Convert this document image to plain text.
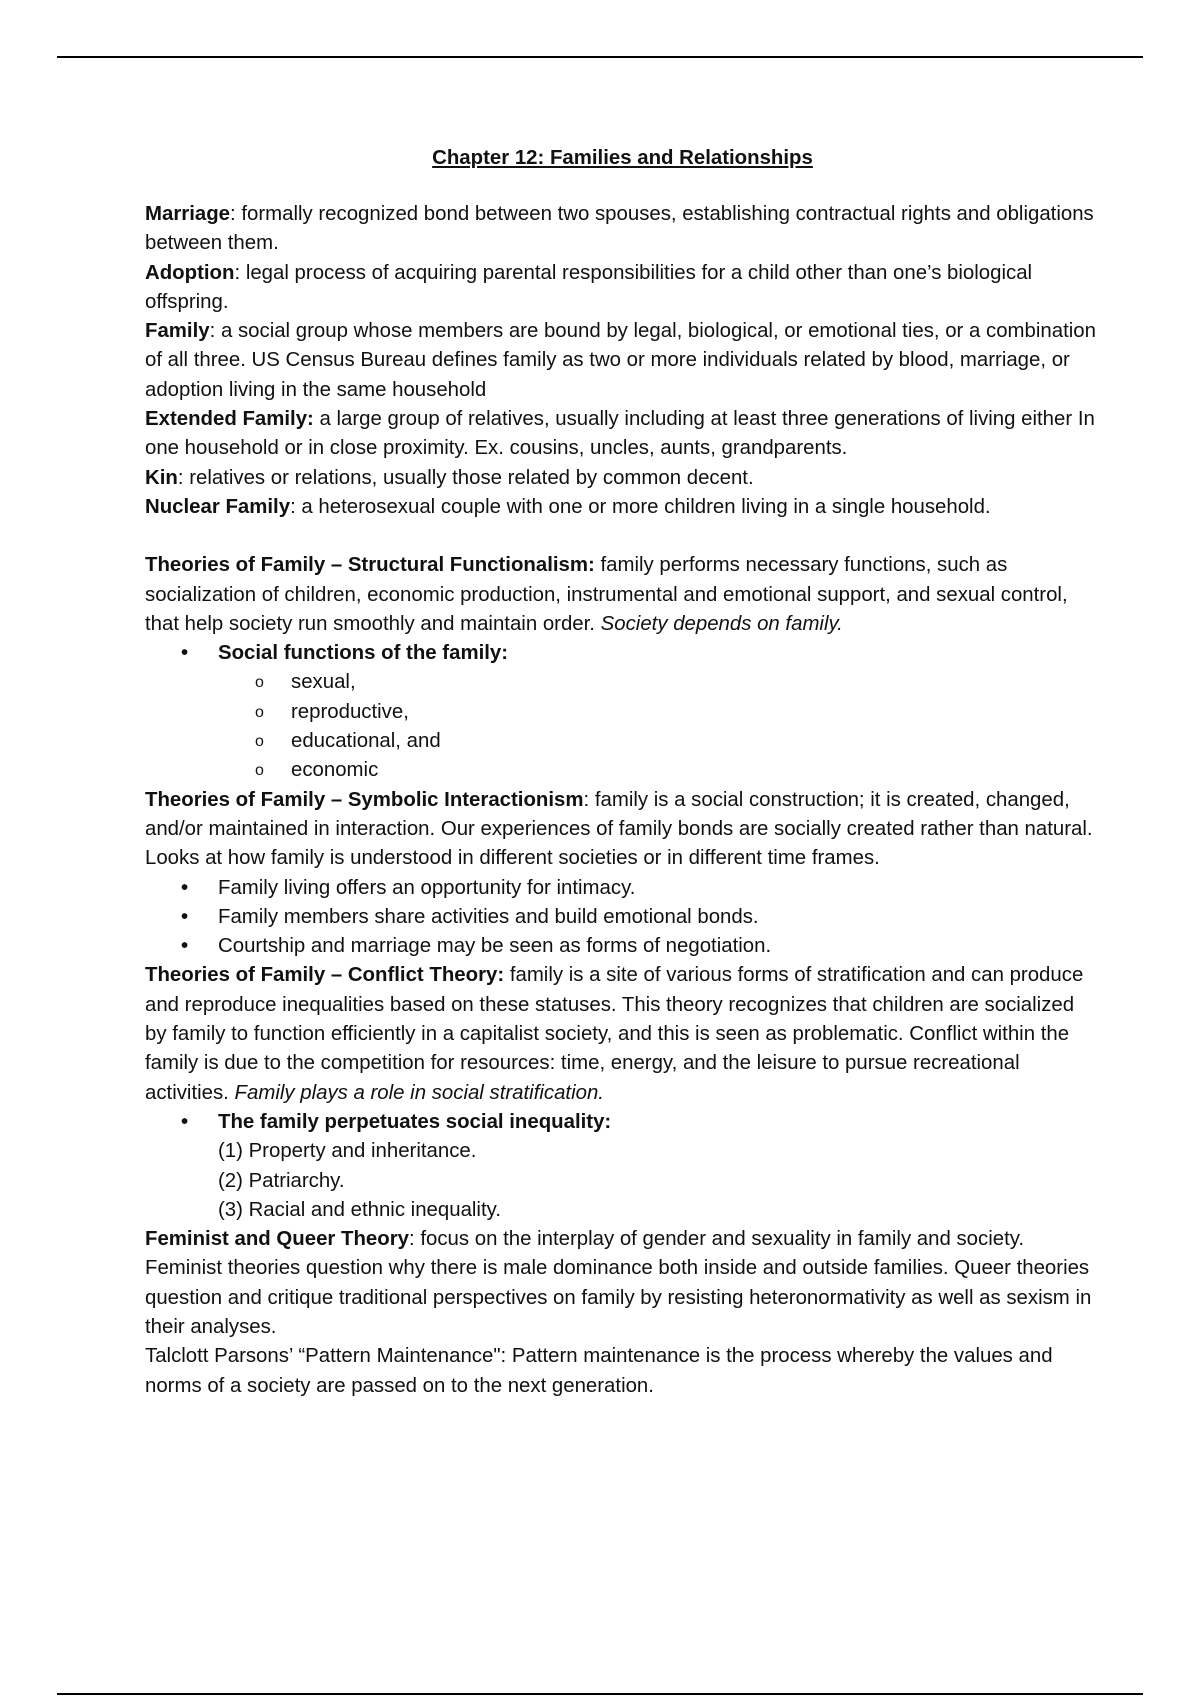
Chapter 12: Families and Relationships

Marriage: formally recognized bond between two spouses, establishing contractual rights and obligations between them.

Adoption: legal process of acquiring parental responsibilities for a child other than one’s biological offspring.

Family: a social group whose members are bound by legal, biological, or emotional ties, or a combination of all three. US Census Bureau defines family as two or more individuals related by blood, marriage, or adoption living in the same household

Extended Family: a large group of relatives, usually including at least three generations of living either In one household or in close proximity. Ex. cousins, uncles, aunts, grandparents.

Kin: relatives or relations, usually those related by common decent.

Nuclear Family: a heterosexual couple with one or more children living in a single household.

Theories of Family – Structural Functionalism: family performs necessary functions, such as socialization of children, economic production, instrumental and emotional support, and sexual control, that help society run smoothly and maintain order. Society depends on family.

• Social functions of the family:
o sexual,
o reproductive,
o educational, and
o economic

Theories of Family – Symbolic Interactionism: family is a social construction; it is created, changed, and/or maintained in interaction. Our experiences of family bonds are socially created rather than natural. Looks at how family is understood in different societies or in different time frames.

• Family living offers an opportunity for intimacy.
• Family members share activities and build emotional bonds.
• Courtship and marriage may be seen as forms of negotiation.

Theories of Family – Conflict Theory: family is a site of various forms of stratification and can produce and reproduce inequalities based on these statuses. This theory recognizes that children are socialized by family to function efficiently in a capitalist society, and this is seen as problematic. Conflict within the family is due to the competition for resources: time, energy, and the leisure to pursue recreational activities. Family plays a role in social stratification.

• The family perpetuates social inequality:
(1) Property and inheritance.
(2) Patriarchy.
(3) Racial and ethnic inequality.

Feminist and Queer Theory: focus on the interplay of gender and sexuality in family and society. Feminist theories question why there is male dominance both inside and outside families. Queer theories question and critique traditional perspectives on family by resisting heteronormativity as well as sexism in their analyses.

Talclott Parsons’ “Pattern Maintenance": Pattern maintenance is the process whereby the values and norms of a society are passed on to the next generation.
